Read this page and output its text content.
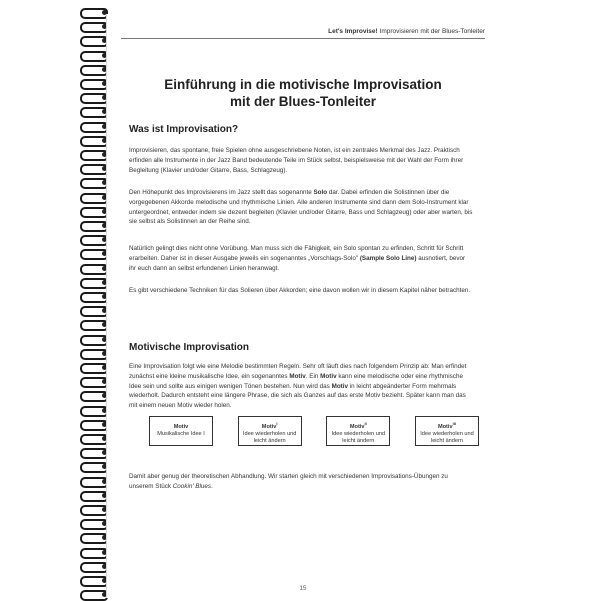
Let's Improvise! Improvisieren mit der Blues-Tonleiter
Einführung in die motivische Improvisation
mit der Blues-Tonleiter
Was ist Improvisation?
Improvisieren, das spontane, freie Spielen ohne ausgeschriebene Noten, ist ein zentrales Merkmal des Jazz. Praktisch erfinden alle Instrumente in der Jazz Band bedeutende Teile im Stück selbst, beispielsweise mit der Wahl der Form ihrer Begleitung (Klavier und/oder Gitarre, Bass, Schlagzeug).
Den Höhepunkt des Improvisierens im Jazz stellt das sogenannte Solo dar. Dabei erfinden die Solistinnen über die vorgegebenen Akkorde melodische und rhythmische Linien. Alle anderen Instrumente sind dann dem Solo-Instrument klar untergeordnet, entweder indem sie dezent begleiten (Klavier und/oder Gitarre, Bass und Schlagzeug) oder aber warten, bis sie selbst als Solistinnen an der Reihe sind.
Natürlich gelingt dies nicht ohne Vorübung. Man muss sich die Fähigkeit, ein Solo spontan zu erfinden, Schritt für Schritt erarbeiten. Daher ist in dieser Ausgabe jeweils ein sogenanntes „Vorschlags-Solo" (Sample Solo Line) ausnotiert, bevor ihr euch dann an selbst erfundenen Linien heranwagt.
Es gibt verschiedene Techniken für das Solieren über Akkorden; eine davon wollen wir in diesem Kapitel näher betrachten.
Motivische Improvisation
Eine Improvisation folgt wie eine Melodie bestimmten Regeln. Sehr oft läuft dies nach folgendem Prinzip ab: Man erfindet zunächst eine kleine musikalische Idee, ein sogenanntes Motiv. Ein Motiv kann eine melodische oder eine rhythmische Idee sein und sollte aus einigen wenigen Tönen bestehen. Nun wird das Motiv in leicht abgeänderter Form mehrmals wiederholt. Dadurch entsteht eine längere Phrase, die sich als Ganzes auf das erste Motiv bezieht. Später kann man das mit einem neuen Motiv wieder holen.
Motiv
Musikalische Idee I
Motiv$^I$
Idee wiederholen und leicht ändern
Motiv$^{II}$
Idee wiederholen und leicht ändern
Motiv$^{III}$
Idee wiederholen und leicht ändern
Damit aber genug der theoretischen Abhandlung. Wir starten gleich mit verschiedenen Improvisations-Übungen zu unserem Stück Cookin' Blues.
15
